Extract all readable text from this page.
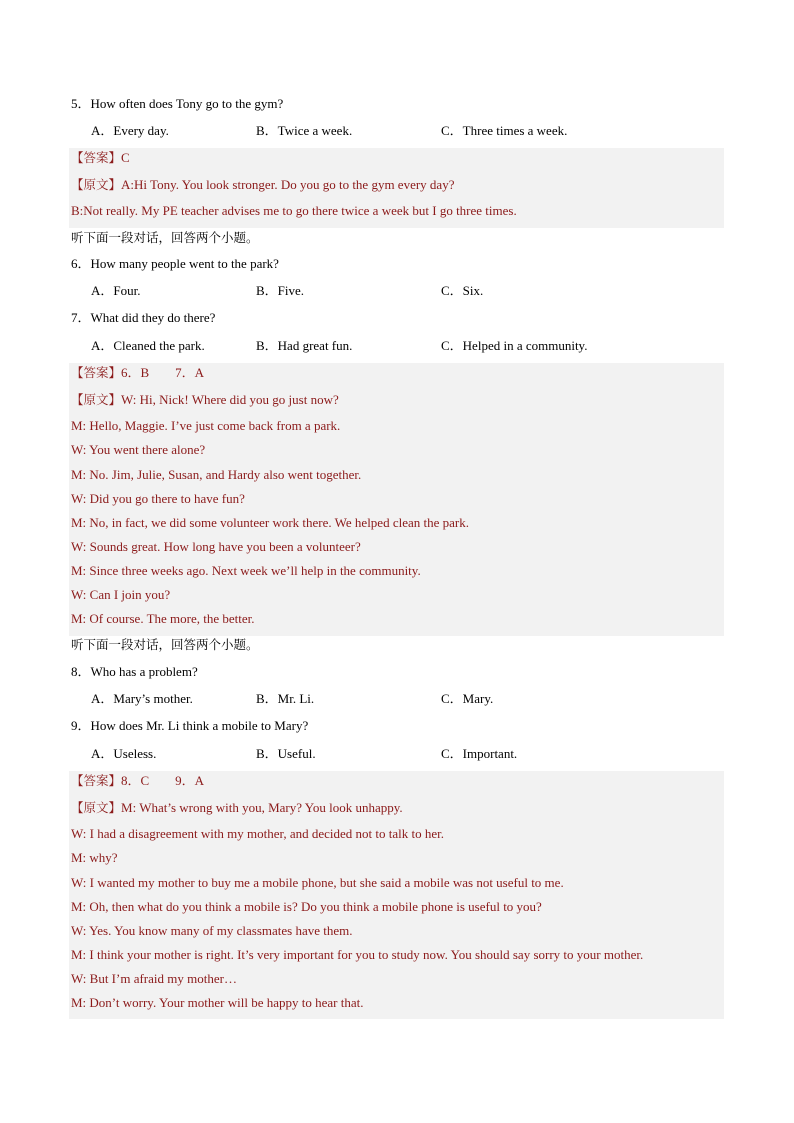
5．How often does Tony go to the gym?
A．Every day.	B．Twice a week.	C．Three times a week.
【答案】C
【原文】A:Hi Tony. You look stronger. Do you go to the gym every day?
B:Not really. My PE teacher advises me to go there twice a week but I go three times.
听下面一段对话，回答两个小题。
6．How many people went to the park?
A．Four.	B．Five.	C．Six.
7．What did they do there?
A．Cleaned the park.	B．Had great fun.	C．Helped in a community.
【答案】6．B　　7．A
【原文】W: Hi, Nick! Where did you go just now?
M: Hello, Maggie. I’ve just come back from a park.
W: You went there alone?
M: No. Jim, Julie, Susan, and Hardy also went together.
W: Did you go there to have fun?
M: No, in fact, we did some volunteer work there. We helped clean the park.
W: Sounds great. How long have you been a volunteer?
M: Since three weeks ago. Next week we’ll help in the community.
W: Can I join you?
M: Of course. The more, the better.
听下面一段对话，回答两个小题。
8．Who has a problem?
A．Mary’s mother.	B．Mr. Li.	C．Mary.
9．How does Mr. Li think a mobile to Mary?
A．Useless.	B．Useful.	C．Important.
【答案】8．C　　9．A
【原文】M: What’s wrong with you, Mary? You look unhappy.
W: I had a disagreement with my mother, and decided not to talk to her.
M: why?
W: I wanted my mother to buy me a mobile phone, but she said a mobile was not useful to me.
M: Oh, then what do you think a mobile is? Do you think a mobile phone is useful to you?
W: Yes. You know many of my classmates have them.
M: I think your mother is right. It’s very important for you to study now. You should say sorry to your mother.
W: But I’m afraid my mother…
M: Don’t worry. Your mother will be happy to hear that.
